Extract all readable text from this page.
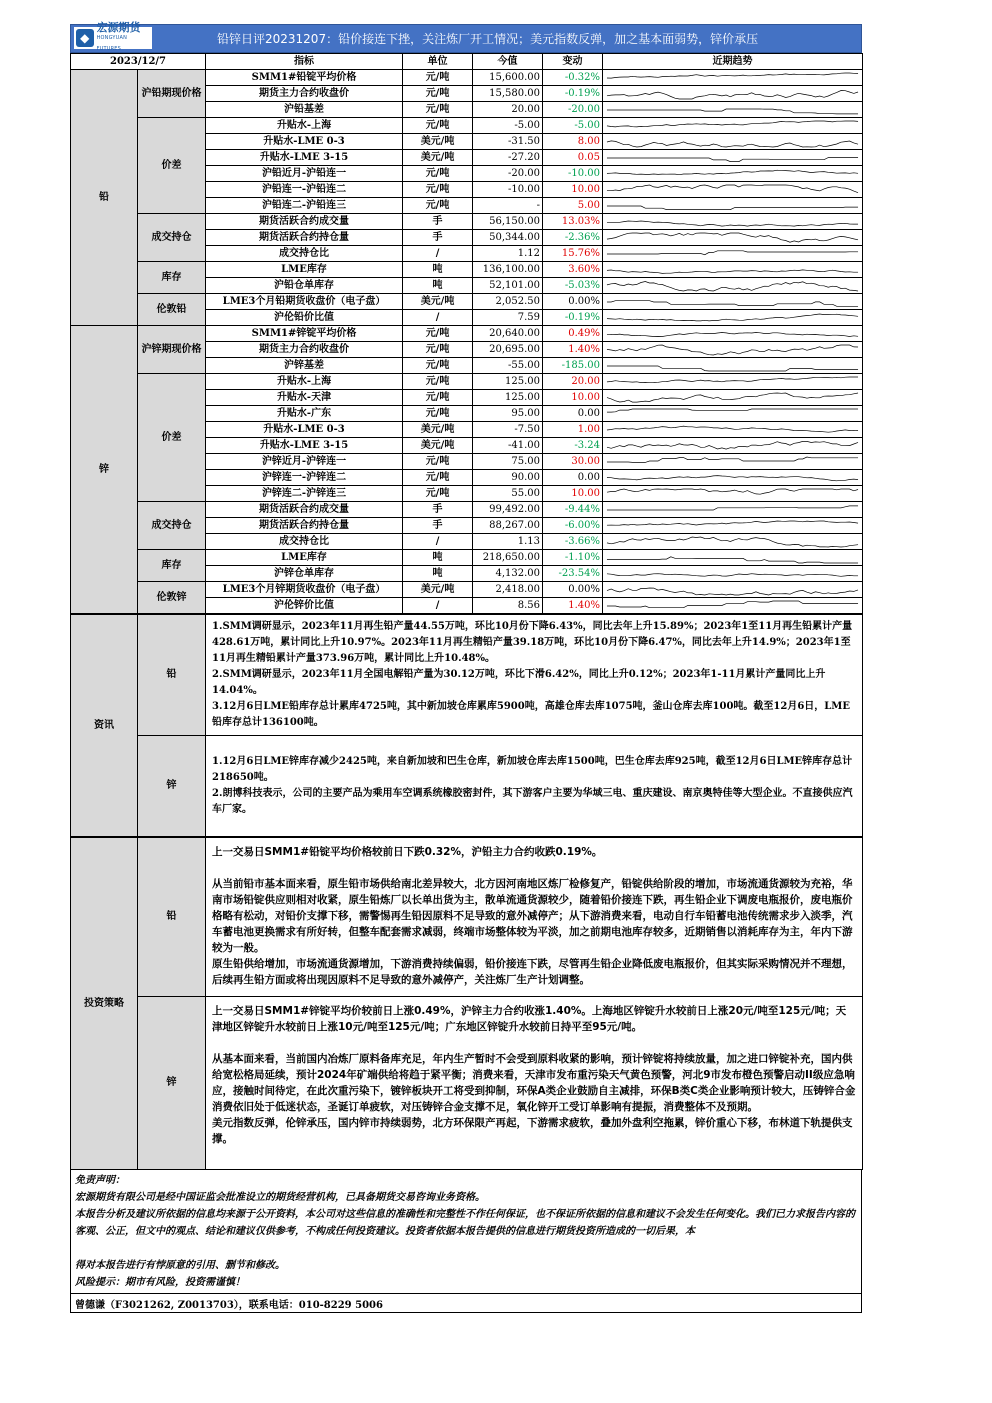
◆
宏源期货
HONGYUAN FUTURES
铅锌日评20231207：铅价接连下挫，关注炼厂开工情况；美元指数反弹，加之基本面弱势，锌价承压
2023/12/7		指标	单位	今值	变动	近期趋势
铅	沪铅期现价格	SMM1#铅锭平均价格	元/吨	15,600.00	-0.32%	

		期货主力合约收盘价	元/吨	15,580.00	-0.19%	

		沪铅基差	元/吨	20.00	-20.00	

	价差	升贴水-上海	元/吨	-5.00	-5.00	

		升贴水-LME 0-3	美元/吨	-31.50	8.00	

		升贴水-LME 3-15	美元/吨	-27.20	0.05	

		沪铅近月-沪铅连一	元/吨	-20.00	-10.00	

		沪铅连一-沪铅连二	元/吨	-10.00	10.00	

		沪铅连二-沪铅连三	元/吨	-	5.00	

	成交持仓	期货活跃合约成交量	手	56,150.00	13.03%	

		期货活跃合约持仓量	手	50,344.00	-2.36%	

		成交持仓比	/	1.12	15.76%	

	库存	LME库存	吨	136,100.00	3.60%	

		沪铅仓单库存	吨	52,101.00	-5.03%	

	伦敦铅	LME3个月铅期货收盘价（电子盘）	美元/吨	2,052.50	0.00%	

		沪伦铅价比值	/	7.59	-0.19%	

锌	沪锌期现价格	SMM1#锌锭平均价格	元/吨	20,640.00	0.49%	

		期货主力合约收盘价	元/吨	20,695.00	1.40%	

		沪锌基差	元/吨	-55.00	-185.00	

	价差	升贴水-上海	元/吨	125.00	20.00	

		升贴水-天津	元/吨	125.00	10.00	

		升贴水-广东	元/吨	95.00	0.00	

		升贴水-LME 0-3	美元/吨	-7.50	1.00	

		升贴水-LME 3-15	美元/吨	-41.00	-3.24	

		沪锌近月-沪锌连一	元/吨	75.00	30.00	

		沪锌连一-沪锌连二	元/吨	90.00	0.00	

		沪锌连二-沪锌连三	元/吨	55.00	10.00	

	成交持仓	期货活跃合约成交量	手	99,492.00	-9.44%	

		期货活跃合约持仓量	手	88,267.00	-6.00%	

		成交持仓比	/	1.13	-3.66%	

	库存	LME库存	吨	218,650.00	-1.10%	

		沪锌仓单库存	吨	4,132.00	-23.54%	

	伦敦锌	LME3个月锌期货收盘价（电子盘）	美元/吨	2,418.00	0.00%	

		沪伦锌价比值	/	8.56	1.40%	
资讯	铅	1.SMM调研显示，2023年11月再生铅产量44.55万吨，环比10月份下降6.43%，同比去年上升15.89%；2023年1至11月再生铅累计产量428.61万吨，累计同比上升10.97%。2023年11月再生精铅产量39.18万吨，环比10月份下降6.47%，同比去年上升14.9%；2023年1至11月再生精铅累计产量373.96万吨，累计同比上升10.48%。

2.SMM调研显示，2023年11月全国电解铅产量为30.12万吨，环比下滑6.42%，同比上升0.12%；2023年1-11月累计产量同比上升14.04%。

3.12月6日LME铅库存总计累库4725吨，其中新加坡仓库累库5900吨，高雄仓库去库1075吨，釜山仓库去库100吨。截至12月6日，LME铅库存总计136100吨。

	锌	1.12月6日LME锌库存减少2425吨，来自新加坡和巴生仓库，新加坡仓库去库1500吨，巴生仓库去库925吨，截至12月6日LME锌库存总计218650吨。

2.朗博科技表示，公司的主要产品为乘用车空调系统橡胶密封件，其下游客户主要为华域三电、重庆建设、南京奥特佳等大型企业。不直接供应汽车厂家。

投资策略	铅	上一交易日SMM1#铅锭平均价格较前日下跌0.32%，沪铅主力合约收跌0.19%。

从当前铅市基本面来看，原生铅市场供给南北差异较大，北方因河南地区炼厂检修复产，铅锭供给阶段的增加，市场流通货源较为充裕，华南市场铅锭供应则相对收紧，原生铅炼厂以长单出货为主，散单流通货源较少，随着铅价接连下跌，再生铅企业下调废电瓶报价，废电瓶价格略有松动，对铅价支撑下移，需警惕再生铅因原料不足导致的意外减停产；从下游消费来看，电动自行车铅蓄电池传统需求步入淡季，汽车蓄电池更换需求有所好转，但整车配套需求减弱，终端市场整体较为平淡，加之前期电池库存较多，近期销售以消耗库存为主，年内下游较为一般。

原生铅供给增加，市场流通货源增加，下游消费持续偏弱，铅价接连下跌，尽管再生铅企业降低废电瓶报价，但其实际采购情况并不理想，后续再生铅方面或将出现因原料不足导致的意外减停产，关注炼厂生产计划调整。

	锌	上一交易日SMM1#锌锭平均价较前日上涨0.49%，沪锌主力合约收涨1.40%。上海地区锌锭升水较前日上涨20元/吨至125元/吨；天津地区锌锭升水较前日上涨10元/吨至125元/吨；广东地区锌锭升水较前日持平至95元/吨。

从基本面来看，当前国内冶炼厂原料备库充足，年内生产暂时不会受到原料收紧的影响，预计锌锭将持续放量，加之进口锌锭补充，国内供给宽松格局延续，预计2024年矿端供给将趋于紧平衡；消费来看，天津市发布重污染天气黄色预警，河北9市发布橙色预警启动II级应急响应，接触时间待定，在此次重污染下，镀锌板块开工将受到抑制，环保A类企业鼓励自主减排，环保B类C类企业影响预计较大，压铸锌合金消费依旧处于低迷状态，圣诞订单疲软，对压铸锌合金支撑不足，氧化锌开工受订单影响有提振，消费整体不及预期。

美元指数反弹，伦锌承压，国内锌市持续弱势，北方环保限产再起，下游需求疲软，叠加外盘利空拖累，锌价重心下移，布林道下轨提供支撑。

免责声明：

宏源期货有限公司是经中国证监会批准设立的期货经营机构，已具备期货交易咨询业务资格。

本报告分析及建议所依据的信息均来源于公开资料，本公司对这些信息的准确性和完整性不作任何保证，也不保证所依据的信息和建议不会发生任何变化。我们已力求报告内容的客观、公正，但文中的观点、结论和建议仅供参考，不构成任何投资建议。投资者依据本报告提供的信息进行期货投资所造成的一切后果，本

得对本报告进行有悖原意的引用、删节和修改。

风险提示：期市有风险，投资需谨慎！

曾德谦（F3021262, Z0013703），联系电话：010-8229 5006
